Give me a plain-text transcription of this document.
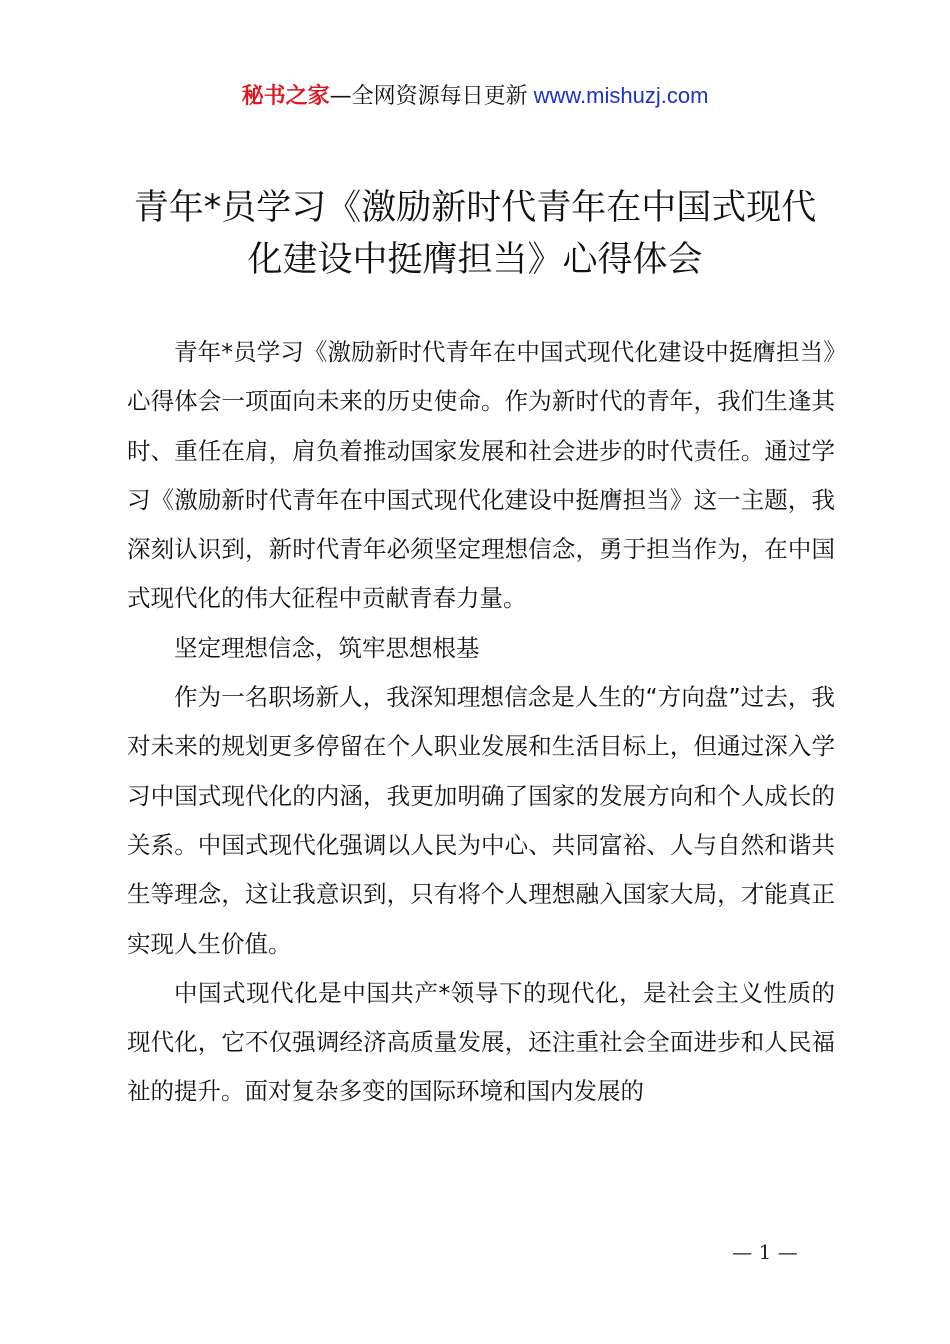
秘书之家—全网资源每日更新 www.mishuzj.com
青年*员学习《激励新时代青年在中国式现代
化建设中挺膺担当》心得体会

青年*员学习《激励新时代青年在中国式现代化建设中挺膺担当》心得体会一项面向未来的历史使命。作为新时代的青年，我们生逢其时、重任在肩，肩负着推动国家发展和社会进步的时代责任。通过学习《激励新时代青年在中国式现代化建设中挺膺担当》这一主题，我深刻认识到，新时代青年必须坚定理想信念，勇于担当作为，在中国式现代化的伟大征程中贡献青春力量。

坚定理想信念，筑牢思想根基

作为一名职场新人，我深知理想信念是人生的“方向盘”过去，我对未来的规划更多停留在个人职业发展和生活目标上，但通过深入学习中国式现代化的内涵，我更加明确了国家的发展方向和个人成长的关系。中国式现代化强调以人民为中心、共同富裕、人与自然和谐共生等理念，这让我意识到，只有将个人理想融入国家大局，才能真正实现人生价值。

中国式现代化是中国共产*领导下的现代化，是社会主义性质的现代化，它不仅强调经济高质量发展，还注重社会全面进步和人民福祉的提升。面对复杂多变的国际环境和国内发展的

— 1 —
